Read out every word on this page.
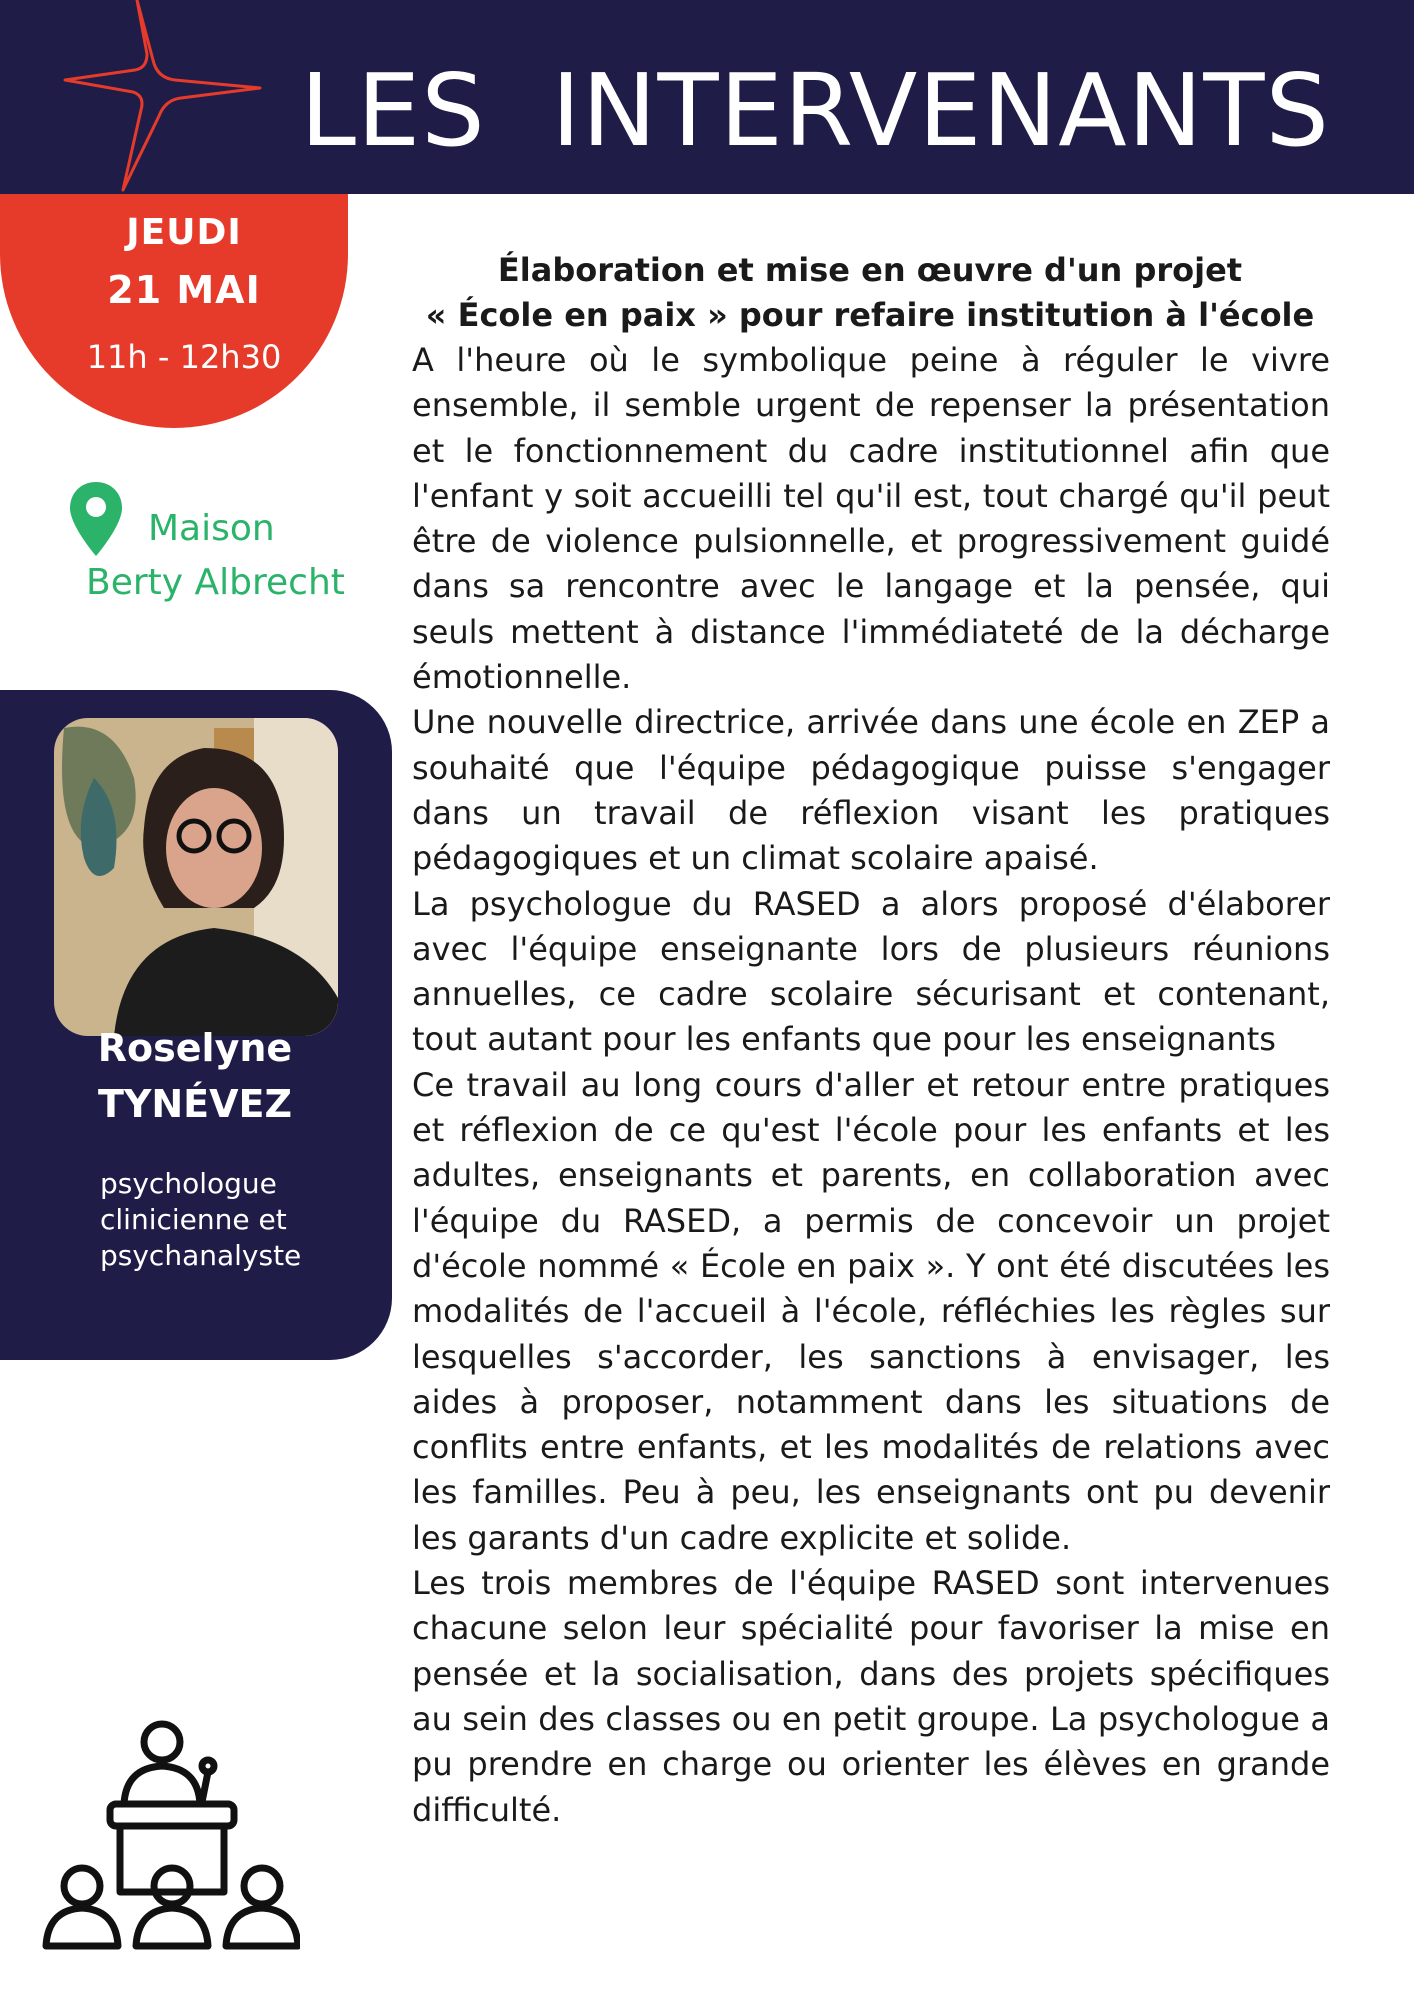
LES  INTERVENANTS
JEUDI
21 MAI
11h - 12h30
Maison
Berty Albrecht
Roselyne
TYNÉVEZ
psychologue
clinicienne et
psychanalyste
Élaboration et mise en œuvre d'un projet
« École en paix » pour refaire institution à l'école

A l'heure où le symbolique peine à réguler le vivre ensemble, il semble urgent de repenser la présentation et le fonctionnement du cadre institutionnel afin que l'enfant y soit accueilli tel qu'il est, tout chargé qu'il peut être de violence pulsionnelle, et progressivement guidé dans sa rencontre avec le langage et la pensée, qui seuls mettent à distance l'immédiateté de la décharge émotionnelle.

Une nouvelle directrice, arrivée dans une école en ZEP a souhaité que l'équipe pédagogique puisse s'engager dans un travail de réflexion visant les pratiques pédagogiques et un climat scolaire apaisé.

La psychologue du RASED a alors proposé d'élaborer avec l'équipe enseignante lors de plusieurs réunions annuelles, ce cadre scolaire sécurisant et contenant, tout autant pour les enfants que pour les enseignants

Ce travail au long cours d'aller et retour entre pratiques et réflexion de ce qu'est l'école pour les enfants et les adultes, enseignants et parents, en collaboration avec l'équipe du RASED, a permis de concevoir un projet d'école nommé « École en paix ». Y ont été discutées les modalités de l'accueil à l'école, réfléchies les règles sur lesquelles s'accorder, les sanctions à envisager, les aides à proposer, notamment dans les situations de conflits entre enfants, et les modalités de relations avec les familles. Peu à peu, les enseignants ont pu devenir les garants d'un cadre explicite et solide.

Les trois membres de l'équipe RASED sont intervenues chacune selon leur spécialité pour favoriser la mise en pensée et la socialisation, dans des projets spécifiques au sein des classes ou en petit groupe. La psychologue a pu prendre en charge ou orienter les élèves en grande difficulté.
